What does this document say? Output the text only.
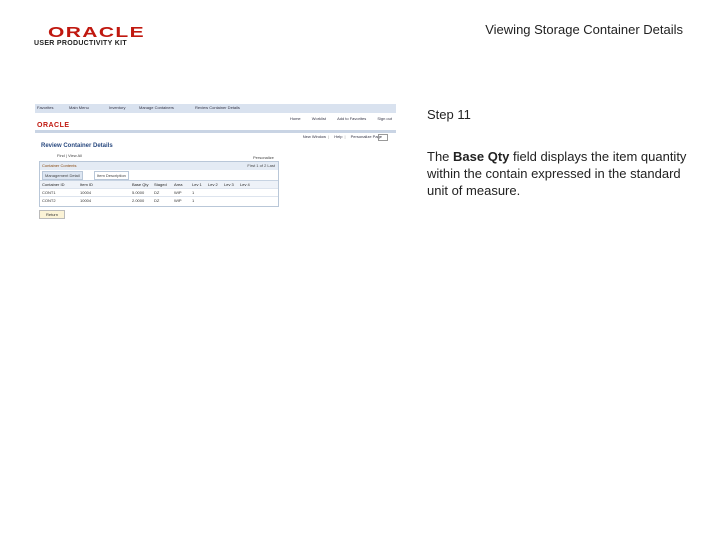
ORACLE
USER PRODUCTIVITY KIT
Viewing Storage Container Details
Favorites	Main Menu	Inventory	Manage Containers	Review Container Details
Home	Worklist	Add to Favorites	Sign out
ORACLE
New Window | Help | Personalize Page
Review Container Details
Find | View All	Personalize
Container Contents	First 1 of 2 Last
Management Detail	Item Description
Container ID	Item ID	Base Qty Staged Area Lev 1 Lev 2 Lev 3 Lev 4
CONT1	10004	5.0000 DZ	WIP	1
CONT2	10004	2.0000 DZ	WIP	1
Return
Step 11
The Base Qty field displays the item quantity within the contain expressed in the standard unit of measure.
